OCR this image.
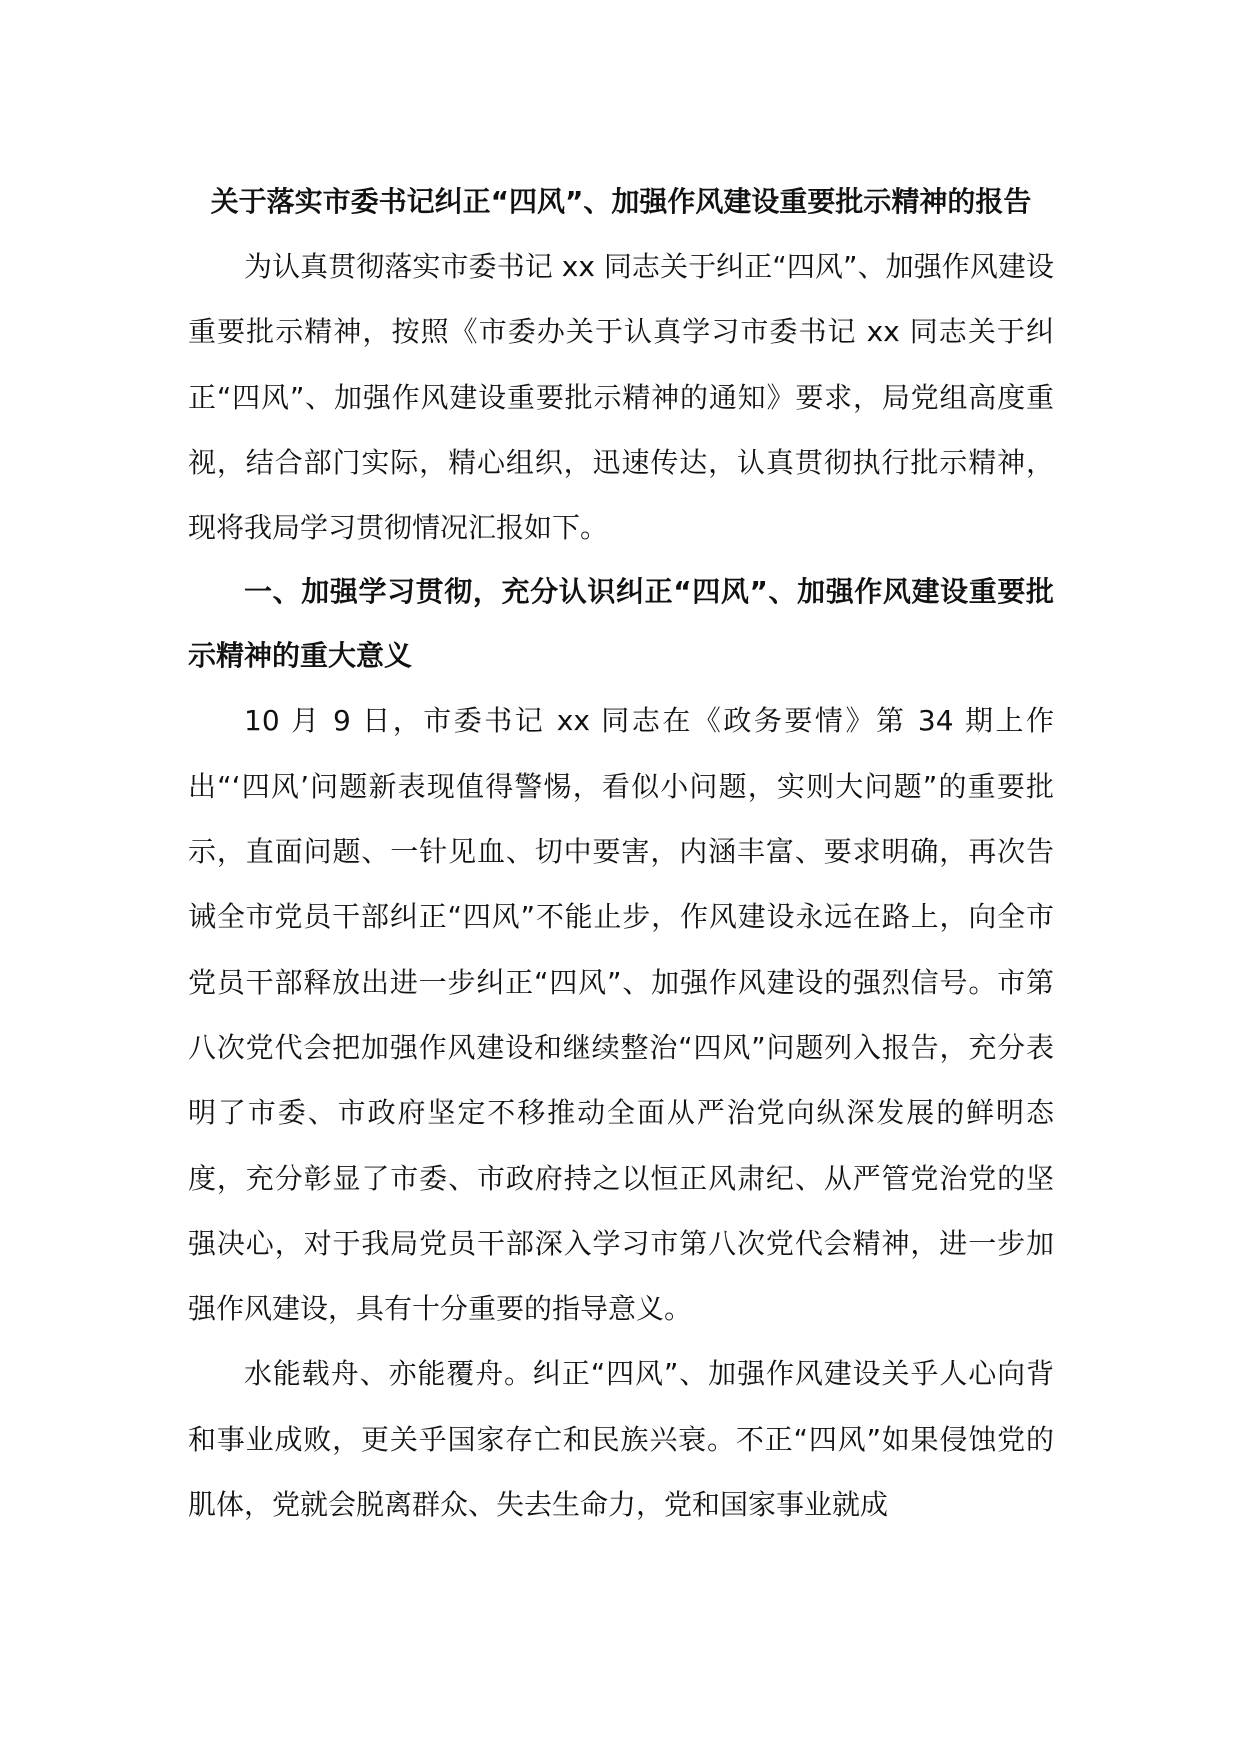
关于落实市委书记纠正“四风”、加强作风建设重要批示精神的报告

为认真贯彻落实市委书记 xx 同志关于纠正“四风”、加强作风建设重要批示精神，按照《市委办关于认真学习市委书记 xx 同志关于纠正“四风”、加强作风建设重要批示精神的通知》要求，局党组高度重视，结合部门实际，精心组织，迅速传达，认真贯彻执行批示精神，现将我局学习贯彻情况汇报如下。

一、加强学习贯彻，充分认识纠正“四风”、加强作风建设重要批示精神的重大意义

10 月 9 日，市委书记 xx 同志在《政务要情》第 34 期上作出“‘四风’问题新表现值得警惕，看似小问题，实则大问题”的重要批示，直面问题、一针见血、切中要害，内涵丰富、要求明确，再次告诫全市党员干部纠正“四风”不能止步，作风建设永远在路上，向全市党员干部释放出进一步纠正“四风”、加强作风建设的强烈信号。市第八次党代会把加强作风建设和继续整治“四风”问题列入报告，充分表明了市委、市政府坚定不移推动全面从严治党向纵深发展的鲜明态度，充分彰显了市委、市政府持之以恒正风肃纪、从严管党治党的坚强决心，对于我局党员干部深入学习市第八次党代会精神，进一步加强作风建设，具有十分重要的指导意义。

水能载舟、亦能覆舟。纠正“四风”、加强作风建设关乎人心向背和事业成败，更关乎国家存亡和民族兴衰。不正“四风”如果侵蚀党的肌体，党就会脱离群众、失去生命力，党和国家事业就成
